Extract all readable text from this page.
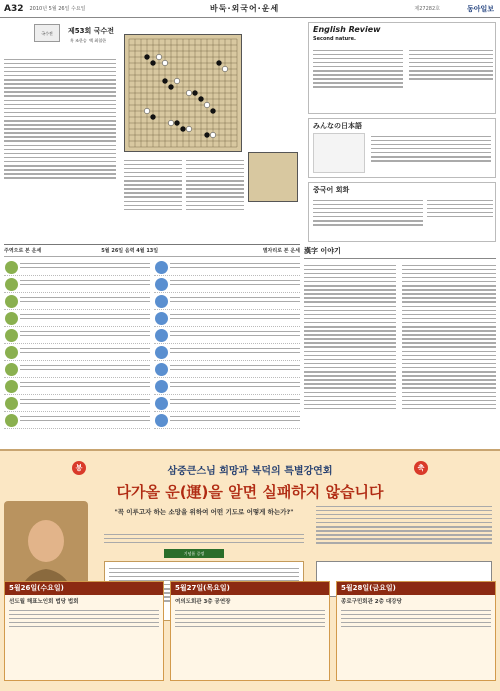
A32 2010년 5월 26일 수요일	바둑·외국어·운세	제27282호	동아일보
국수전	제53회 국수전
흑 조한승 백 최철한
English Review
Second nature.
みんなの日本語
중국어 회화
주역으로 본 운세	5월 26일 음력 4월 13일	별자리로 본 운세 漢字 이야기
봉	축
삼중큰스님 희망과 복덕의 특별강연회
다가올 운(運)을 알면 실패하지 않습니다
"꼭 이루고자 하는 소망을 위하여 어떤 기도로 어떻게 하는가?"
기념품 증정
5월26일(수요일)
선도월 해표노인회 법당 법회
5월27일(목요일)
여의도회관 3층 공연장
5월28일(금요일)
종로구민회관 2층 대강당
